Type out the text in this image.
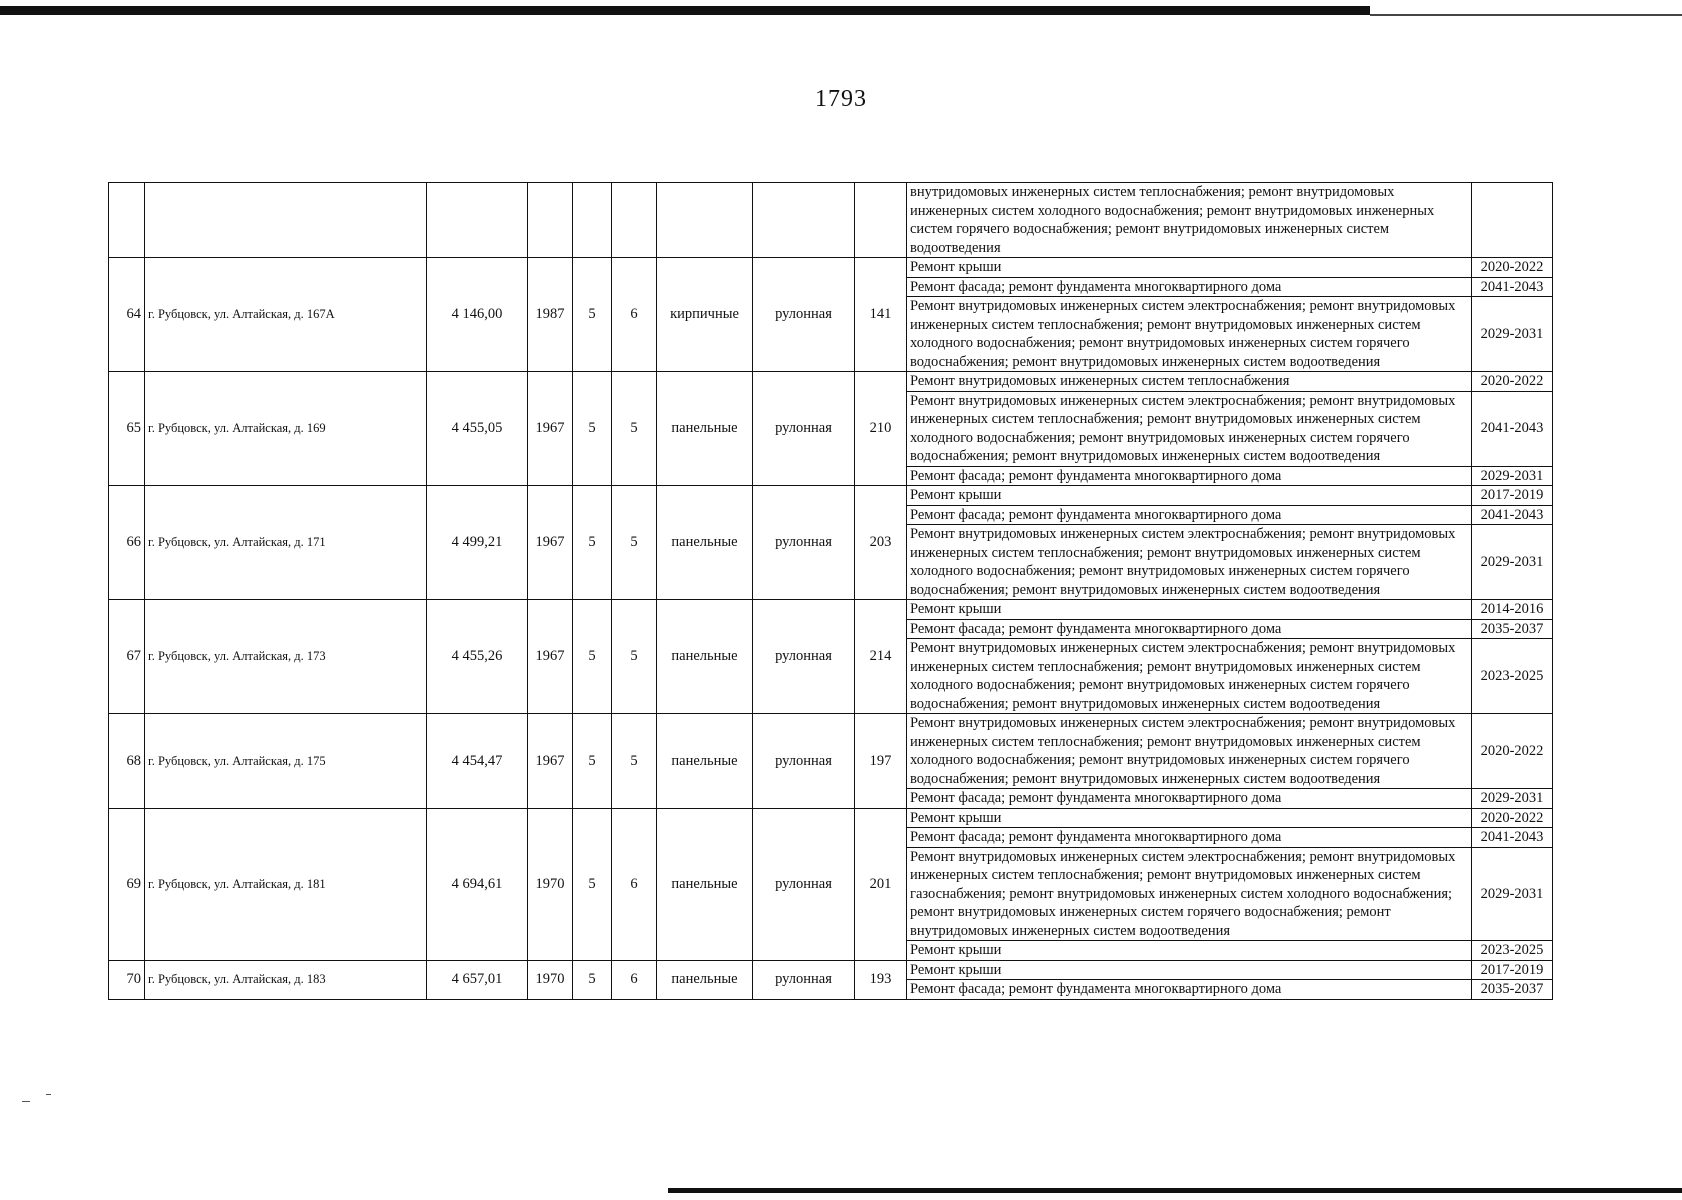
1793
									внутридомовых инженерных систем теплоснабжения; ремонт внутридомовых инженерных систем холодного водоснабжения; ремонт внутридомовых инженерных систем горячего водоснабжения; ремонт внутридомовых инженерных систем водоотведения	
64	г. Рубцовск, ул. Алтайская, д. 167А	4 146,00	1987	5	6	кирпичные	рулонная	141	Ремонт крыши	2020-2022
									Ремонт фасада; ремонт фундамента многоквартирного дома	2041-2043
									Ремонт внутридомовых инженерных систем электроснабжения; ремонт внутридомовых инженерных систем теплоснабжения; ремонт внутридомовых инженерных систем холодного водоснабжения; ремонт внутридомовых инженерных систем горячего водоснабжения; ремонт внутридомовых инженерных систем водоотведения	2029-2031
65	г. Рубцовск, ул. Алтайская, д. 169	4 455,05	1967	5	5	панельные	рулонная	210	Ремонт внутридомовых инженерных систем теплоснабжения	2020-2022
									Ремонт внутридомовых инженерных систем электроснабжения; ремонт внутридомовых инженерных систем теплоснабжения; ремонт внутридомовых инженерных систем холодного водоснабжения; ремонт внутридомовых инженерных систем горячего водоснабжения; ремонт внутридомовых инженерных систем водоотведения	2041-2043
									Ремонт фасада; ремонт фундамента многоквартирного дома	2029-2031
66	г. Рубцовск, ул. Алтайская, д. 171	4 499,21	1967	5	5	панельные	рулонная	203	Ремонт крыши	2017-2019
									Ремонт фасада; ремонт фундамента многоквартирного дома	2041-2043
									Ремонт внутридомовых инженерных систем электроснабжения; ремонт внутридомовых инженерных систем теплоснабжения; ремонт внутридомовых инженерных систем холодного водоснабжения; ремонт внутридомовых инженерных систем горячего водоснабжения; ремонт внутридомовых инженерных систем водоотведения	2029-2031
67	г. Рубцовск, ул. Алтайская, д. 173	4 455,26	1967	5	5	панельные	рулонная	214	Ремонт крыши	2014-2016
									Ремонт фасада; ремонт фундамента многоквартирного дома	2035-2037
									Ремонт внутридомовых инженерных систем электроснабжения; ремонт внутридомовых инженерных систем теплоснабжения; ремонт внутридомовых инженерных систем холодного водоснабжения; ремонт внутридомовых инженерных систем горячего водоснабжения; ремонт внутридомовых инженерных систем водоотведения	2023-2025
68	г. Рубцовск, ул. Алтайская, д. 175	4 454,47	1967	5	5	панельные	рулонная	197	Ремонт внутридомовых инженерных систем электроснабжения; ремонт внутридомовых инженерных систем теплоснабжения; ремонт внутридомовых инженерных систем холодного водоснабжения; ремонт внутридомовых инженерных систем горячего водоснабжения; ремонт внутридомовых инженерных систем водоотведения	2020-2022
									Ремонт фасада; ремонт фундамента многоквартирного дома	2029-2031
69	г. Рубцовск, ул. Алтайская, д. 181	4 694,61	1970	5	6	панельные	рулонная	201	Ремонт крыши	2020-2022
									Ремонт фасада; ремонт фундамента многоквартирного дома	2041-2043
									Ремонт внутридомовых инженерных систем электроснабжения; ремонт внутридомовых инженерных систем теплоснабжения; ремонт внутридомовых инженерных систем газоснабжения; ремонт внутридомовых инженерных систем холодного водоснабжения; ремонт внутридомовых инженерных систем горячего водоснабжения; ремонт внутридомовых инженерных систем водоотведения	2029-2031
									Ремонт крыши	2023-2025
70	г. Рубцовск, ул. Алтайская, д. 183	4 657,01	1970	5	6	панельные	рулонная	193	Ремонт крыши	2017-2019
									Ремонт фасада; ремонт фундамента многоквартирного дома	2035-2037
